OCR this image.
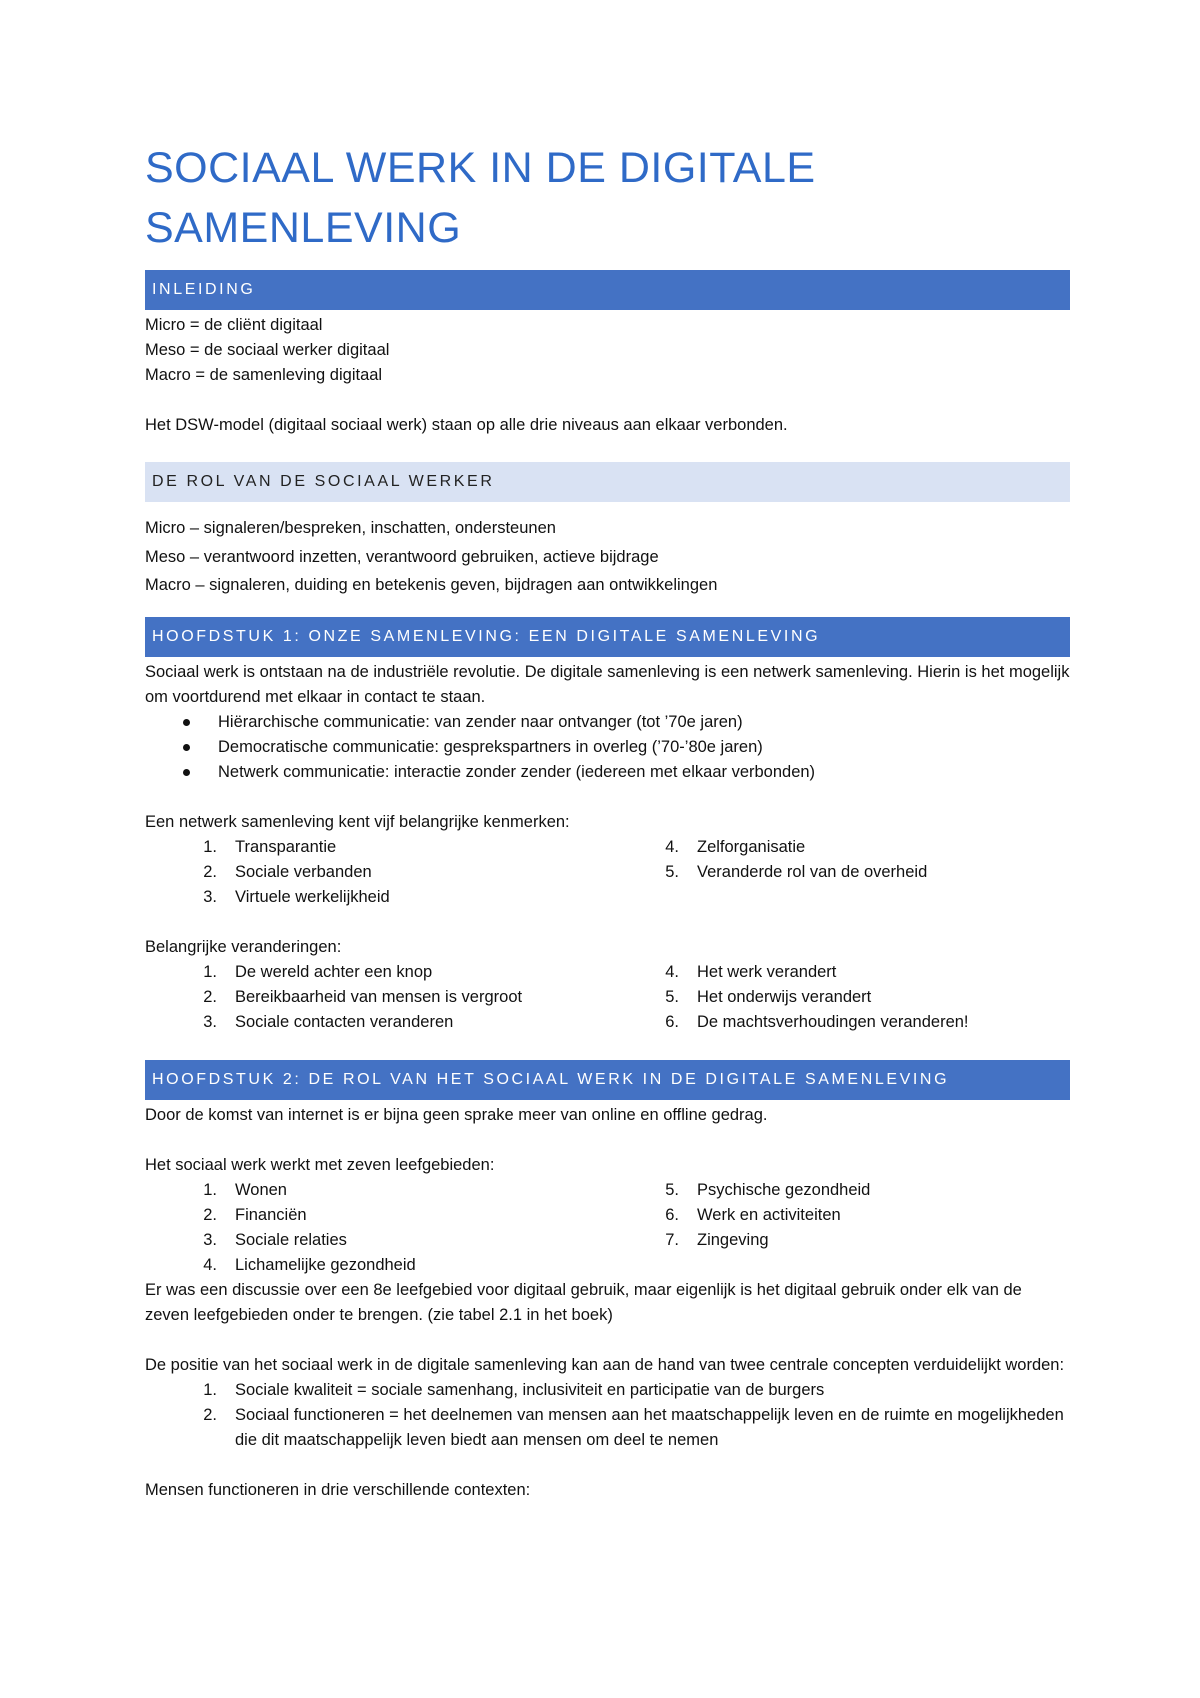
SOCIAAL WERK IN DE DIGITALE
SAMENLEVING
INLEIDING

Micro = de cliënt digitaal

Meso = de sociaal werker digitaal

Macro = de samenleving digitaal

Het DSW-model (digitaal sociaal werk) staan op alle drie niveaus aan elkaar verbonden.

DE ROL VAN DE SOCIAAL WERKER

Micro – signaleren/bespreken, inschatten, ondersteunen

Meso – verantwoord inzetten, verantwoord gebruiken, actieve bijdrage

Macro – signaleren, duiding en betekenis geven, bijdragen aan ontwikkelingen

HOOFDSTUK 1: ONZE SAMENLEVING: EEN DIGITALE SAMENLEVING

Sociaal werk is ontstaan na de industriële revolutie. De digitale samenleving is een netwerk samenleving. Hierin is het mogelijk om voortdurend met elkaar in contact te staan.

Hiërarchische communicatie: van zender naar ontvanger (tot ’70e jaren)
Democratische communicatie: gesprekspartners in overleg (’70-’80e jaren)
Netwerk communicatie: interactie zonder zender (iedereen met elkaar verbonden)

Een netwerk samenleving kent vijf belangrijke kenmerken:

1.	Transparantie
2.	Sociale verbanden
3.	Virtuele werkelijkheid
4.	Zelforganisatie
5.	Veranderde rol van de overheid

Belangrijke veranderingen:

1.	De wereld achter een knop
2.	Bereikbaarheid van mensen is vergroot
3.	Sociale contacten veranderen
4.	Het werk verandert
5.	Het onderwijs verandert
6.	De machtsverhoudingen veranderen!
HOOFDSTUK 2: DE ROL VAN HET SOCIAAL WERK IN DE DIGITALE SAMENLEVING

Door de komst van internet is er bijna geen sprake meer van online en offline gedrag.

Het sociaal werk werkt met zeven leefgebieden:

1.	Wonen
2.	Financiën
3.	Sociale relaties
4.	Lichamelijke gezondheid
5.	Psychische gezondheid
6.	Werk en activiteiten
7.	Zingeving

Er was een discussie over een 8e leefgebied voor digitaal gebruik, maar eigenlijk is het digitaal gebruik onder elk van de zeven leefgebieden onder te brengen. (zie tabel 2.1 in het boek)

De positie van het sociaal werk in de digitale samenleving kan aan de hand van twee centrale concepten verduidelijkt worden:

1.	Sociale kwaliteit = sociale samenhang, inclusiviteit en participatie van de burgers
2.	Sociaal functioneren = het deelnemen van mensen aan het maatschappelijk leven en de ruimte en mogelijkheden die dit maatschappelijk leven biedt aan mensen om deel te nemen

Mensen functioneren in drie verschillende contexten:
